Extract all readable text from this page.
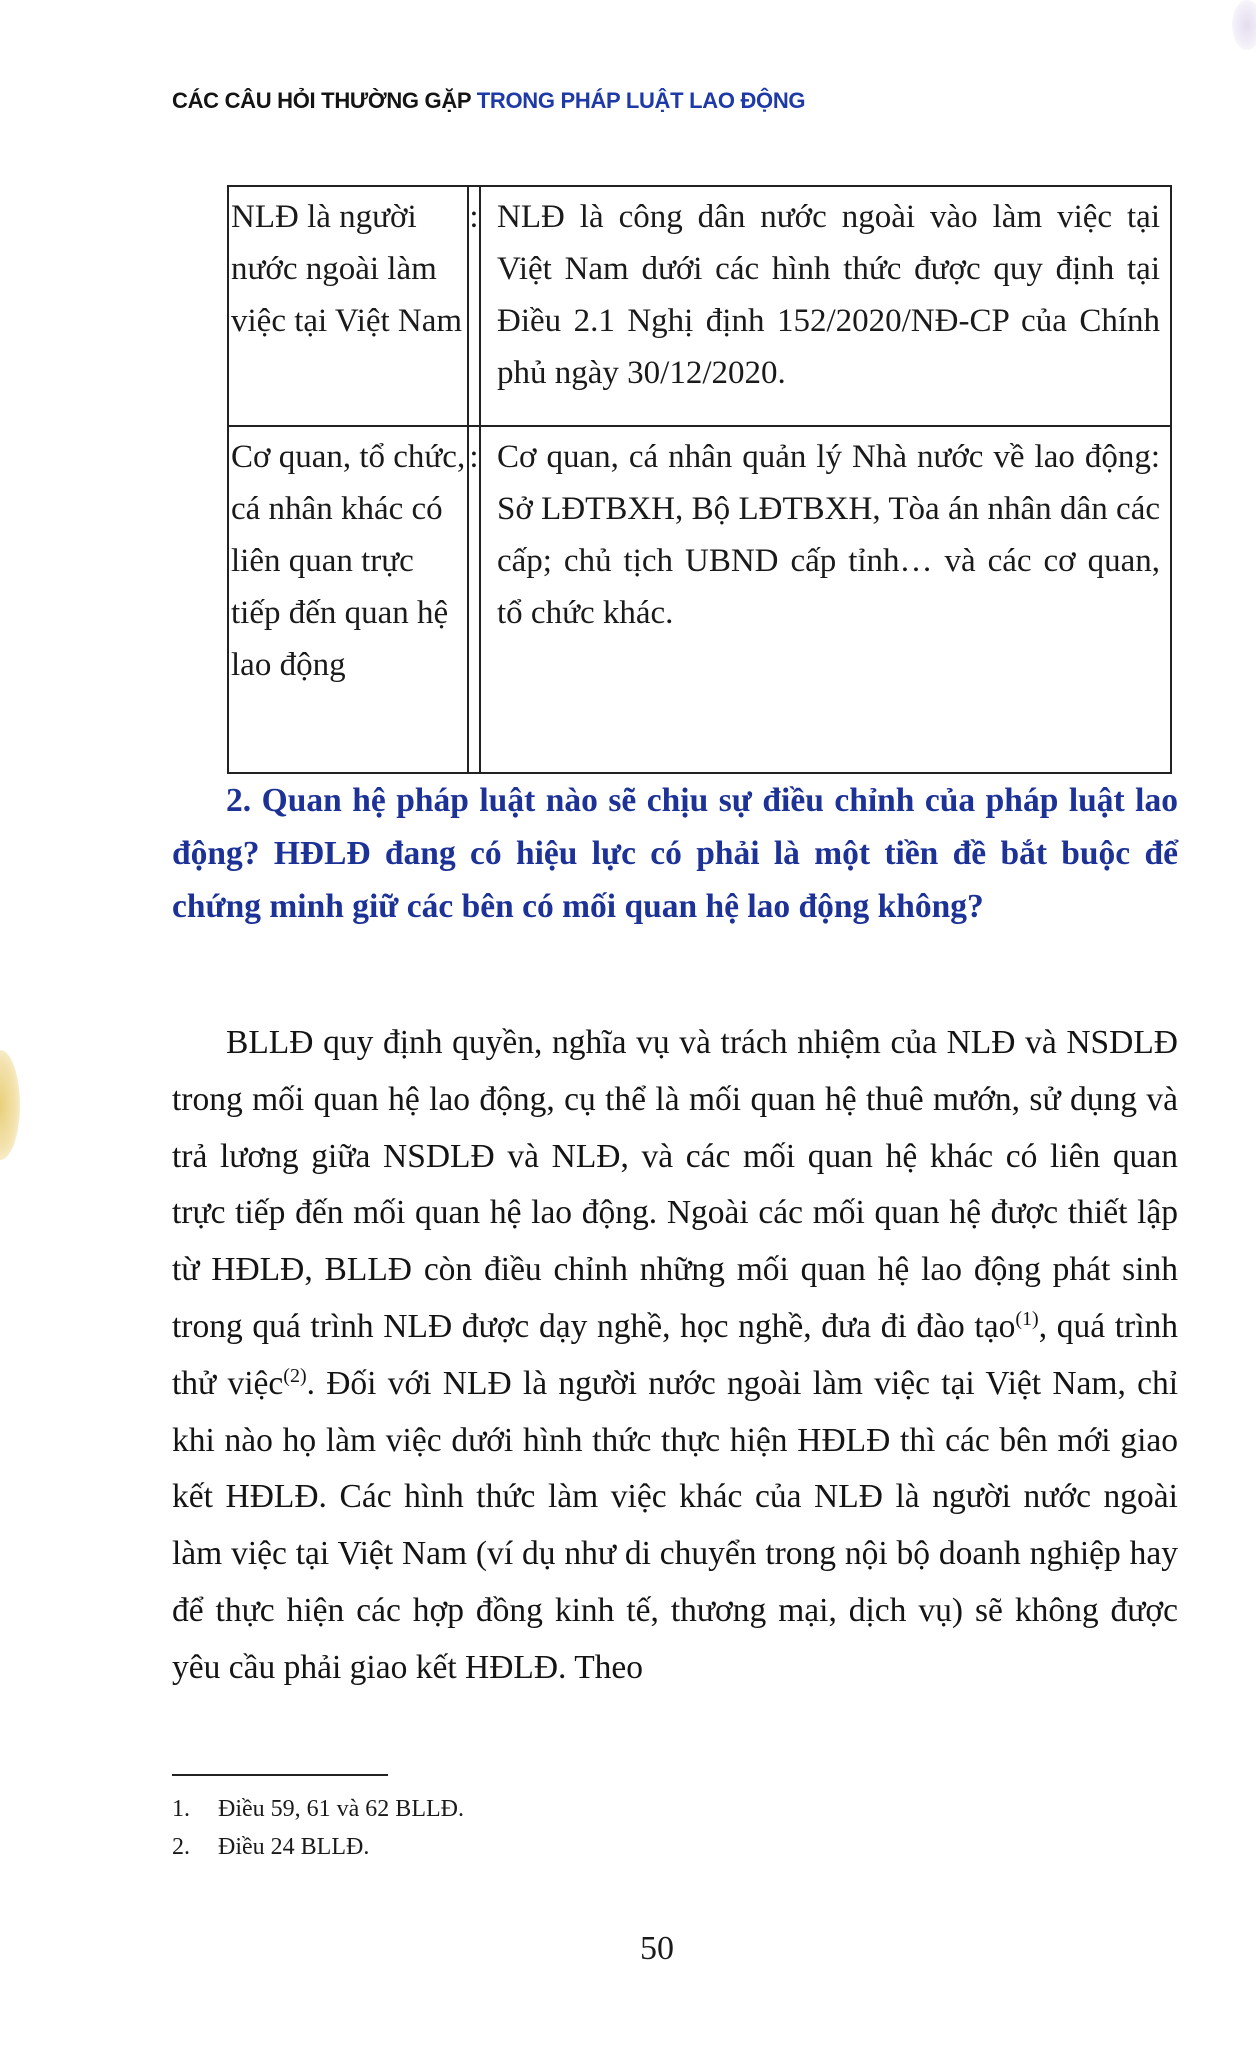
CÁC CÂU HỎI THƯỜNG GẶP TRONG PHÁP LUẬT LAO ĐỘNG
NLĐ là người nước ngoài làm việc tại Việt Nam	:	NLĐ là công dân nước ngoài vào làm việc tại Việt Nam dưới các hình thức được quy định tại Điều 2.1 Nghị định 152/2020/NĐ-CP của Chính phủ ngày 30/12/2020.
Cơ quan, tổ chức, cá nhân khác có liên quan trực tiếp đến quan hệ lao động	:	Cơ quan, cá nhân quản lý Nhà nước về lao động: Sở LĐTBXH, Bộ LĐTBXH, Tòa án nhân dân các cấp; chủ tịch UBND cấp tỉnh… và các cơ quan, tổ chức khác.
2. Quan hệ pháp luật nào sẽ chịu sự điều chỉnh của pháp luật lao động? HĐLĐ đang có hiệu lực có phải là một tiền đề bắt buộc để chứng minh giữ các bên có mối quan hệ lao động không?
BLLĐ quy định quyền, nghĩa vụ và trách nhiệm của NLĐ và NSDLĐ trong mối quan hệ lao động, cụ thể là mối quan hệ thuê mướn, sử dụng và trả lương giữa NSDLĐ và NLĐ, và các mối quan hệ khác có liên quan trực tiếp đến mối quan hệ lao động. Ngoài các mối quan hệ được thiết lập từ HĐLĐ, BLLĐ còn điều chỉnh những mối quan hệ lao động phát sinh trong quá trình NLĐ được dạy nghề, học nghề, đưa đi đào tạo$^{(1)}$, quá trình thử việc$^{(2)}$. Đối với NLĐ là người nước ngoài làm việc tại Việt Nam, chỉ khi nào họ làm việc dưới hình thức thực hiện HĐLĐ thì các bên mới giao kết HĐLĐ. Các hình thức làm việc khác của NLĐ là người nước ngoài làm việc tại Việt Nam (ví dụ như di chuyển trong nội bộ doanh nghiệp hay để thực hiện các hợp đồng kinh tế, thương mại, dịch vụ) sẽ không được yêu cầu phải giao kết HĐLĐ. Theo
1.	Điều 59, 61 và 62 BLLĐ.
2.	Điều 24 BLLĐ.
50
